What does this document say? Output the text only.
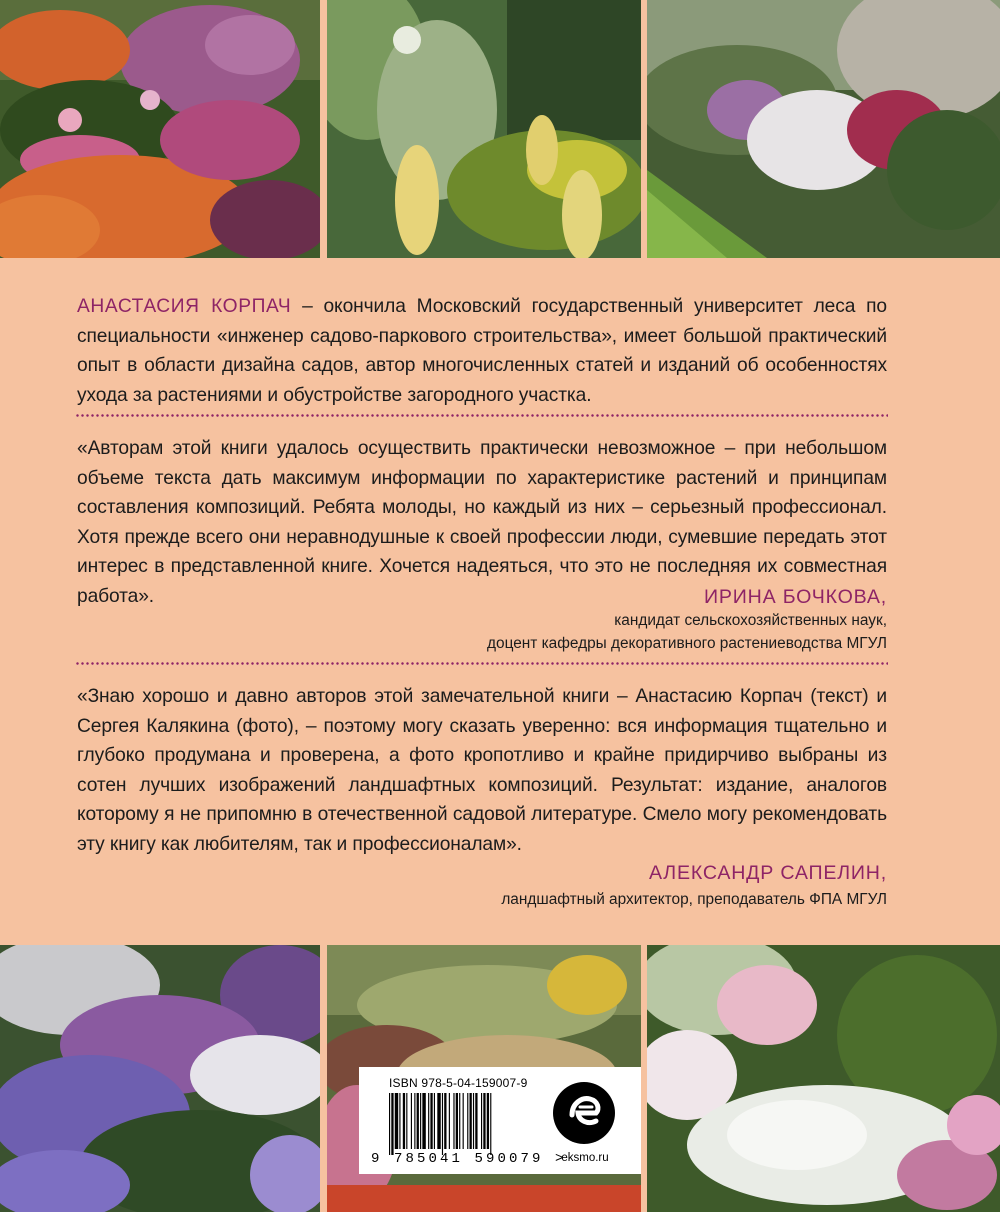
АНАСТАСИЯ КОРПАЧ – окончила Московский государственный университет леса по специальности «инженер садово-паркового строительства», имеет большой практический опыт в области дизайна садов, автор многочисленных статей и изданий об особенностях ухода за растениями и обустройстве загородного участка.
«Авторам этой книги удалось осуществить практически невозможное – при небольшом объеме текста дать максимум информации по характеристике растений и принципам составления композиций. Ребята молоды, но каждый из них – серьезный профессионал. Хотя прежде всего они неравнодушные к своей профессии люди, сумевшие передать этот интерес в представленной книге. Хочется надеяться, что это не последняя их совместная работа».	ИРИНА БОЧКОВА,
кандидат сельскохозяйственных наук,
доцент кафедры декоративного растениеводства МГУЛ
«Знаю хорошо и давно авторов этой замечательной книги – Анастасию Корпач (текст) и Сергея Калякина (фото), – поэтому могу сказать уверенно: вся информация тщательно и глубоко продумана и проверена, а фото кропотливо и крайне придирчиво выбраны из сотен лучших изображений ландшафтных композиций. Результат: издание, аналогов которому я не припомню в отечественной садовой литературе. Смело могу рекомендовать эту книгу как любителям, так и профессионалам».
АЛЕКСАНДР САПЕЛИН,
ландшафтный архитектор, преподаватель ФПА МГУЛ
ISBN 978-5-04-159007-9
9 785041 590079 >
eksmo.ru
